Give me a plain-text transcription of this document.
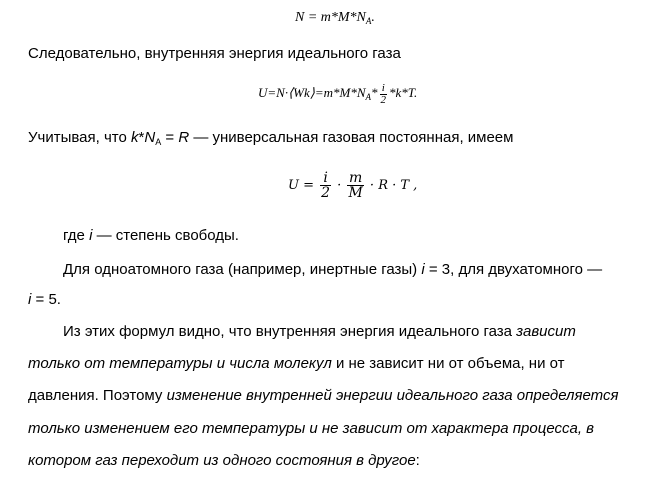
$N = m*M*N_A$.
Следовательно, внутренняя энергия идеального газа
$U=N\cdot⟨Wk⟩=m*M*N_A* \frac{i}{2} *k*T$.
Учитывая, что $k*N_A = R$ — универсальная газовая постоянная, имеем
$U = \frac{i}{2} \cdot \frac{m}{M} \cdot R \cdot T$ ,
где i — степень свободы.
Для одноатомного газа (например, инертные газы) i = 3, для двухатомного —
i = 5.
Из этих формул видно, что внутренняя энергия идеального газа зависит
только от температуры и числа молекул и не зависит ни от объема, ни от
давления. Поэтому изменение внутренней энергии идеального газа определяется
только изменением его температуры и не зависит от характера процесса, в
котором газ переходит из одного состояния в другое:
